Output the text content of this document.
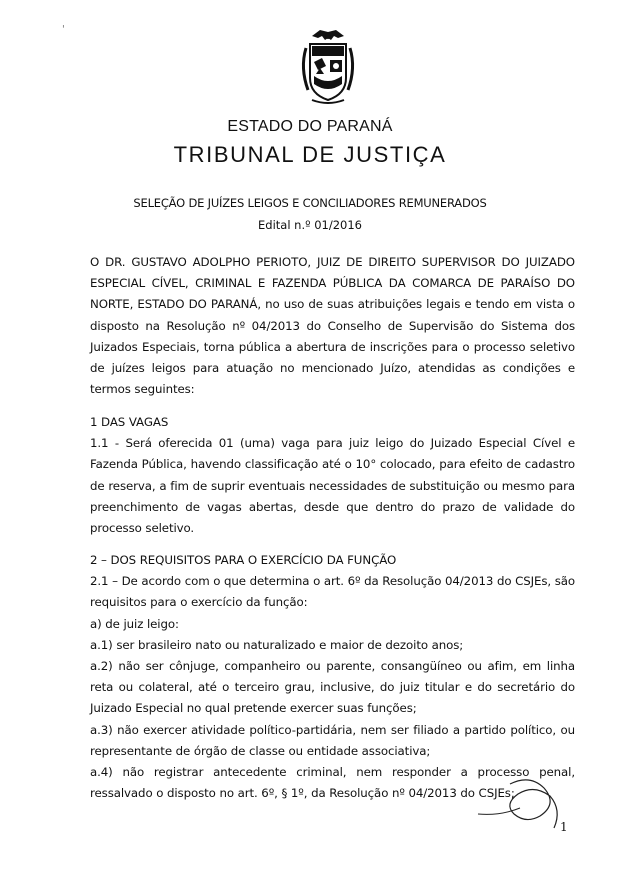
'
ESTADO DO PARANÁ
TRIBUNAL DE JUSTIÇA
SELEÇÃO DE JUÍZES LEIGOS E CONCILIADORES REMUNERADOS
Edital n.º 01/2016

O DR. GUSTAVO ADOLPHO PERIOTO, JUIZ DE DIREITO SUPERVISOR DO JUIZADO ESPECIAL CÍVEL, CRIMINAL E FAZENDA PÚBLICA DA COMARCA DE PARAÍSO DO NORTE, ESTADO DO PARANÁ, no uso de suas atribuições legais e tendo em vista o disposto na Resolução nº 04/2013 do Conselho de Supervisão do Sistema dos Juizados Especiais, torna pública a abertura de inscrições para o processo seletivo de juízes leigos para atuação no mencionado Juízo, atendidas as condições e termos seguintes:

1 DAS VAGAS

1.1 - Será oferecida 01 (uma) vaga para juiz leigo do Juizado Especial Cível e Fazenda Pública, havendo classificação até o 10° colocado, para efeito de cadastro de reserva, a fim de suprir eventuais necessidades de substituição ou mesmo para preenchimento de vagas abertas, desde que dentro do prazo de validade do processo seletivo.

2 – DOS REQUISITOS PARA O EXERCÍCIO DA FUNÇÃO

2.1 – De acordo com o que determina o art. 6º da Resolução 04/2013 do CSJEs, são requisitos para o exercício da função:

a) de juiz leigo:

a.1) ser brasileiro nato ou naturalizado e maior de dezoito anos;

a.2) não ser cônjuge, companheiro ou parente, consangüíneo ou afim, em linha reta ou colateral, até o terceiro grau, inclusive, do juiz titular e do secretário do Juizado Especial no qual pretende exercer suas funções;

a.3) não exercer atividade político-partidária, nem ser filiado a partido político, ou representante de órgão de classe ou entidade associativa;

a.4) não registrar antecedente criminal, nem responder a processo penal, ressalvado o disposto no art. 6º, § 1º, da Resolução nº 04/2013 do CSJEs;

1
